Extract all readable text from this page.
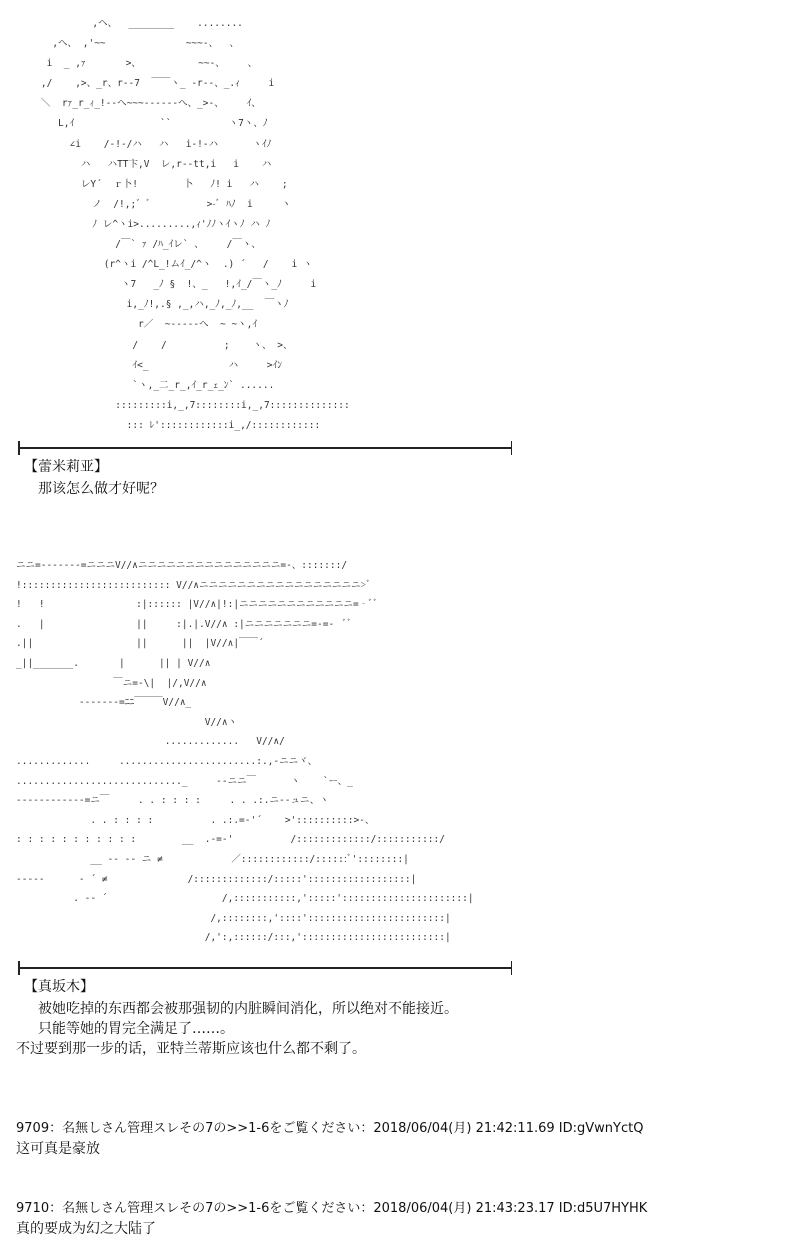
,ヘ、  ________    ........
,へ、 ,'~~              ~~~-、  、
i  _ ,ｧ       >、          ~~‐、    、
,/    ,>、_r、r‐‐7  ￣￣ヽ_ ‐r‐‐、_.ｨ     i
＼  rｧ_r_ｨ_!‐‐へ~~~‐‐‐‐‐‐へ、_>‐、    ｲ、
L,ｲ               ``          ヽ7ヽ、ﾉ
∠i    /-!-/ハ   ハ   i-!-ハ      ヽｲﾉ
ハ   ハTT卞,V  レ,r‐‐tt,i   i    ハ
レY´  ｒ卜!        卜   ﾉ! i   ハ    ;
ノ  /!,;゛゛         >-ﾞ ﾊﾉ  i     ヽ
ﾉ レ^ヽi>.........,ｨ'ﾉﾉヽｲヽﾉ ハ ﾉ
/￣` ｧ /ﾊ_ｲレ` 、    /￣ヽ、
(r^ヽi /^L_!ムｲ_/^ヽ  .) ´   /    i ヽ
ヽ7   _ﾉ §  !、_   !,ｲ_/￣ヽ_ﾉ     i
i,_ﾉ!,.§ ,_,ハ,_ﾉ,_ﾉ,__  ￣ヽﾉ
r／  ~-‐‐‐‐へ  ~ ~ヽ,ｲ
/    /          ;    ヽ、 >、
ｲ<_              ハ     >ｲﾝ
`ヽ,_二_r_,ｲ_r_ｪ_ﾝ` ......
:::::::::i,_,7::::::::i,_,7::::::::::::::
::: ﾚ'::::::::::::i_,/::::::::::::

【蕾米莉亚】
那该怎么做才好呢？
ニニ=‐‐‐‐‐-‐=ニニニV//∧ニニニニニニニニニニニニニニニ=‐、:::::::/
!:::::::::::::::::::::::::: V//∧ニニニニニニニニニニニニニニニニニ>ﾞ
!   !                :|:::::: |V//∧|!:|ニニニニニニニニニニニニ=‐ﾞﾞ
.   |                ||     :|.|.V//∧ :|ニニニニニニニ=‐=‐  ﾞﾞ
.||                  ||      ||  |V//∧|￣￣´
_||_______.       |      || | V//∧
￣ニ=-\|  |/,V//∧
‐‐‐‐‐‐‐=ﾆﾆ￣￣￣V//∧_
V//∧ヽ
.............   V//∧/
.............     ........................:.,‐ニニヾ、
............................._     ‐-ニニ￣      ヽ    `ー、_
‐‐‐‐‐‐‐‐‐‐‐-=ニ￣     . . : : : :     . . .:.ニ‐‐ュニ、ヽ
. . : : : :          . .:.=‐'´    >'::::::::::>‐、
: : : : : : : : : : :        __  .-=‐'          /:::::::::::::/:::::::::::/
__ ‐‐ ‐‐ ニ ≠            ／::::::::::::/::::::ﾞ'::::::::|
‐‐‐‐-      ‐ ´ ≠              /:::::::::::::/:::::'::::::::::::::::::|
. ‐‐ ´                    /,:::::::::::,':::::'::::::::::::::::::::::|
/,::::::::,'::::'::::::::::::::::::::::::|
/,':,::::::/:::,':::::::::::::::::::::::::|

【真坂木】
被她吃掉的东西都会被那强韧的内脏瞬间消化，所以绝对不能接近。
只能等她的胃完全满足了……。
不过要到那一步的话，亚特兰蒂斯应该也什么都不剩了。
9709：名無しさん管理スレその7の>>1-6をご覧ください：2018/06/04(月) 21:42:11.69 ID:gVwnYctQ
这可真是豪放
9710：名無しさん管理スレその7の>>1-6をご覧ください：2018/06/04(月) 21:43:23.17 ID:d5U7HYHK
真的要成为幻之大陆了
